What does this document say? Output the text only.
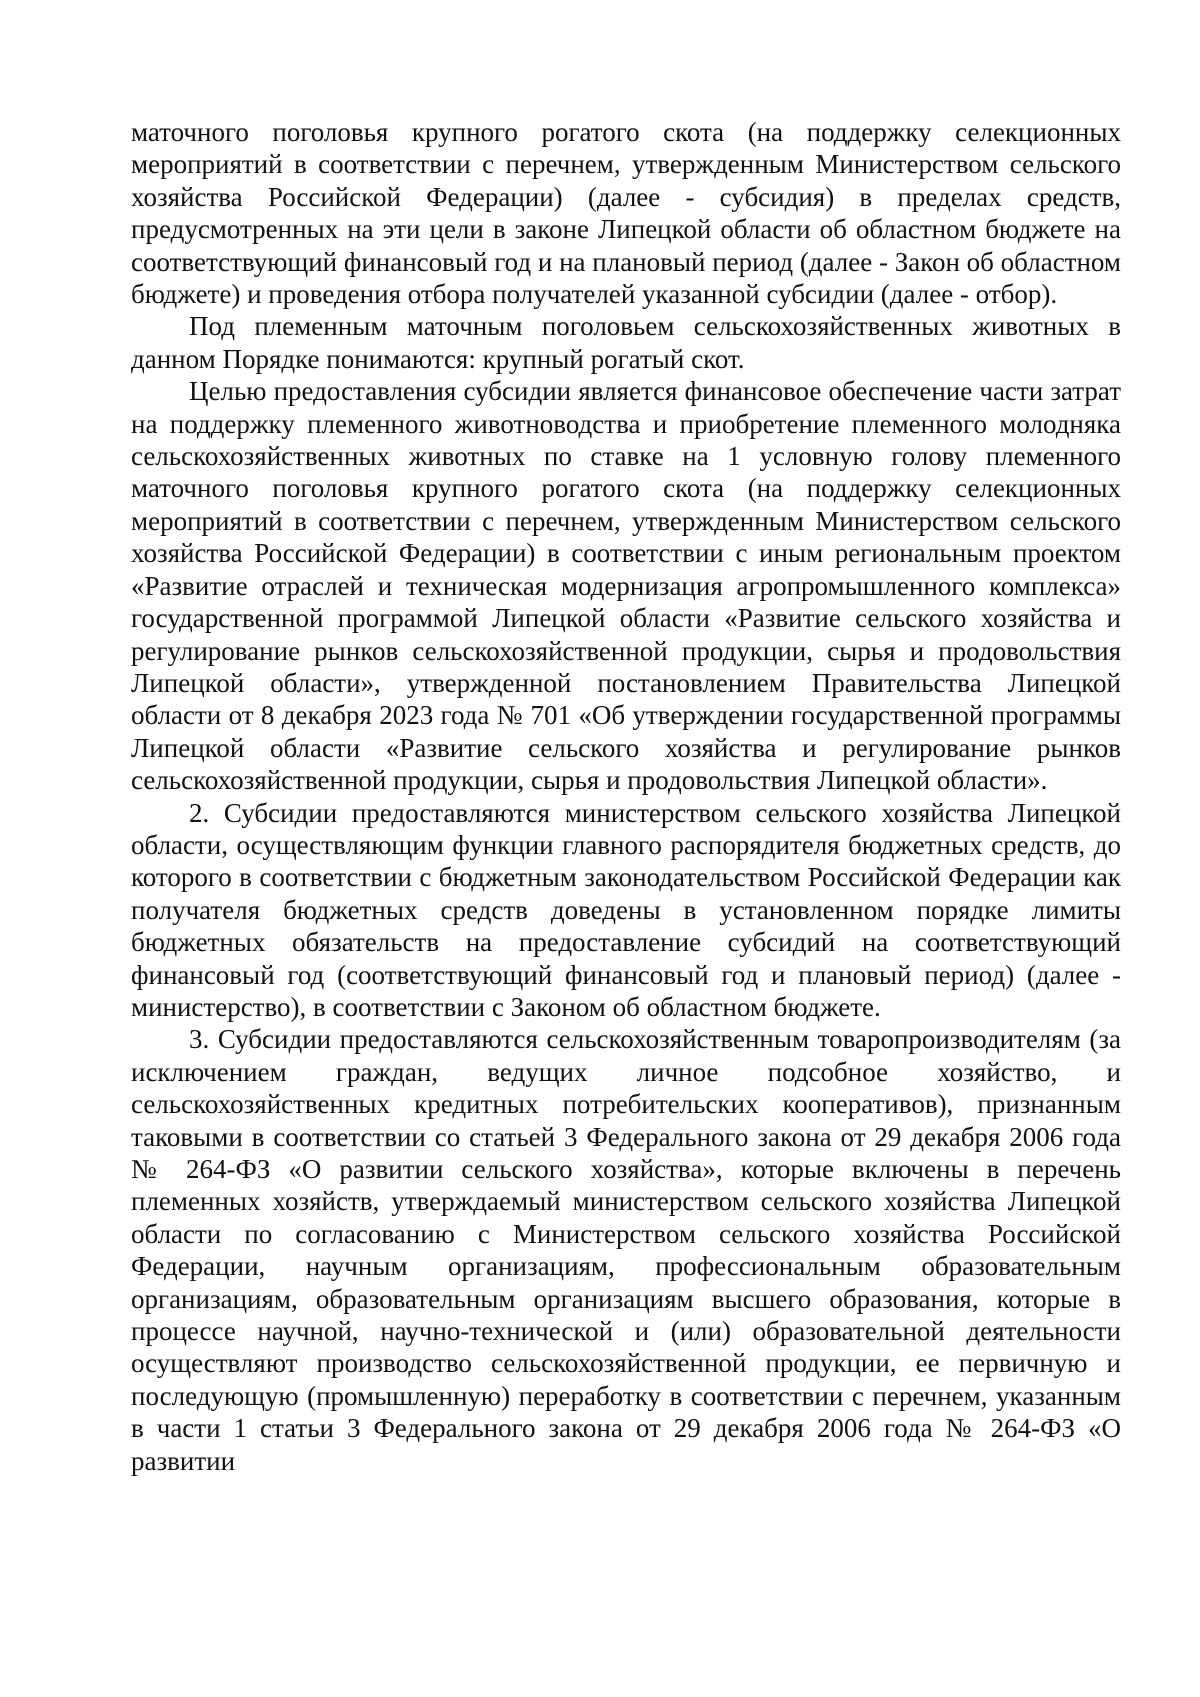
маточного поголовья крупного рогатого скота (на поддержку селекционных мероприятий в соответствии с перечнем, утвержденным Министерством сельского хозяйства Российской Федерации) (далее - субсидия) в пределах средств, предусмотренных на эти цели в законе Липецкой области об областном бюджете на соответствующий финансовый год и на плановый период (далее - Закон об областном бюджете) и проведения отбора получателей указанной субсидии (далее - отбор).

Под племенным маточным поголовьем сельскохозяйственных животных в данном Порядке понимаются: крупный рогатый скот.

Целью предоставления субсидии является финансовое обеспечение части затрат на поддержку племенного животноводства и приобретение племенного молодняка сельскохозяйственных животных по ставке на 1 условную голову племенного маточного поголовья крупного рогатого скота (на поддержку селекционных мероприятий в соответствии с перечнем, утвержденным Министерством сельского хозяйства Российской Федерации) в соответствии с иным региональным проектом «Развитие отраслей и техническая модернизация агропромышленного комплекса» государственной программой Липецкой области «Развитие сельского хозяйства и регулирование рынков сельскохозяйственной продукции, сырья и продовольствия Липецкой области», утвержденной постановлением Правительства Липецкой области от 8 декабря 2023 года № 701 «Об утверждении государственной программы Липецкой области «Развитие сельского хозяйства и регулирование рынков сельскохозяйственной продукции, сырья и продовольствия Липецкой области».

2. Субсидии предоставляются министерством сельского хозяйства Липецкой области, осуществляющим функции главного распорядителя бюджетных средств, до которого в соответствии с бюджетным законодательством Российской Федерации как получателя бюджетных средств доведены в установленном порядке лимиты бюджетных обязательств на предоставление субсидий на соответствующий финансовый год (соответствующий финансовый год и плановый период) (далее - министерство), в соответствии с Законом об областном бюджете.

3. Субсидии предоставляются сельскохозяйственным товаропроизводителям (за исключением граждан, ведущих личное подсобное хозяйство, и сельскохозяйственных кредитных потребительских кооперативов), признанным таковыми в соответствии со статьей 3 Федерального закона от 29 декабря 2006 года № 264-ФЗ «О развитии сельского хозяйства», которые включены в перечень племенных хозяйств, утверждаемый министерством сельского хозяйства Липецкой области по согласованию с Министерством сельского хозяйства Российской Федерации, научным организациям, профессиональным образовательным организациям, образовательным организациям высшего образования, которые в процессе научной, научно-технической и (или) образовательной деятельности осуществляют производство сельскохозяйственной продукции, ее первичную и последующую (промышленную) переработку в соответствии с перечнем, указанным в части 1 статьи 3 Федерального закона от 29 декабря 2006 года № 264-ФЗ «О развитии
